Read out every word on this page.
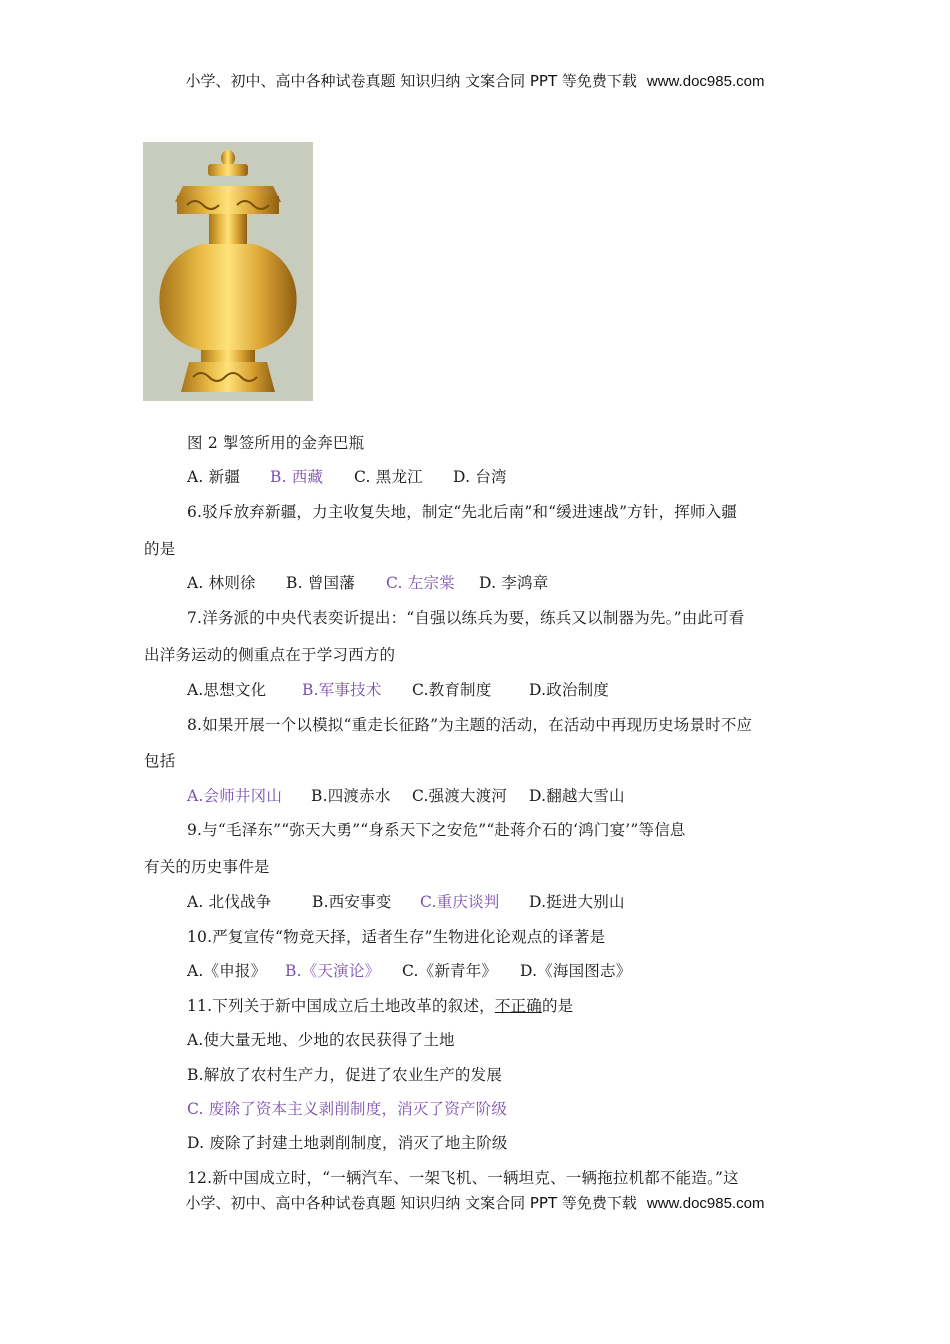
小学、初中、高中各种试卷真题 知识归纳 文案合同 PPT 等免费下载 www.doc985.com
图 2 掣签所用的金奔巴瓶
A. 新疆 B. 西藏 C. 黑龙江 D. 台湾
6.驳斥放弃新疆，力主收复失地，制定“先北后南”和“缓进速战”方针，挥师入疆
的是
A. 林则徐 B. 曾国藩 C. 左宗棠 D. 李鸿章
7.洋务派的中央代表奕䜣提出：“自强以练兵为要，练兵又以制器为先。”由此可看
出洋务运动的侧重点在于学习西方的
A.思想文化 B.军事技术 C.教育制度 D.政治制度
8.如果开展一个以模拟“重走长征路”为主题的活动，在活动中再现历史场景时不应
包括
A.会师井冈山 B.四渡赤水 C.强渡大渡河 D.翻越大雪山
9.与“毛泽东”“弥天大勇”“身系天下之安危”“赴蒋介石的‘鸿门宴’”等信息
有关的历史事件是
A. 北伐战争	B.西安事变 C.重庆谈判 D.挺进大别山
10.严复宣传“物竞天择，适者生存”生物进化论观点的译著是
A.《申报》 B.《天演论》 C.《新青年》 D.《海国图志》
11.下列关于新中国成立后土地改革的叙述，不正确的是
A.使大量无地、少地的农民获得了土地
B.解放了农村生产力，促进了农业生产的发展
C. 废除了资本主义剥削制度，消灭了资产阶级
D. 废除了封建土地剥削制度，消灭了地主阶级
12.新中国成立时，“一辆汽车、一架飞机、一辆坦克、一辆拖拉机都不能造。”这
小学、初中、高中各种试卷真题 知识归纳 文案合同 PPT 等免费下载 www.doc985.com
